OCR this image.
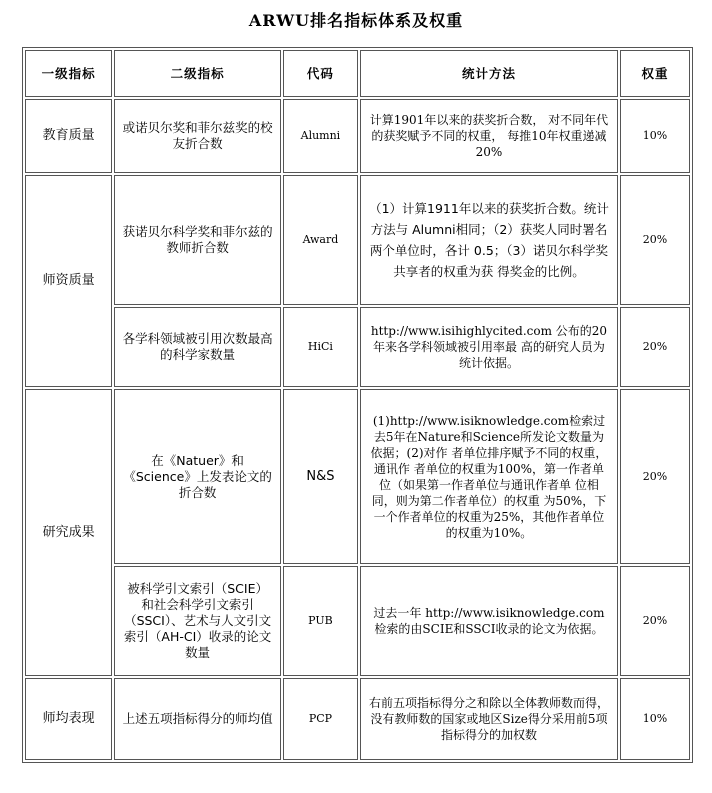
ARWU排名指标体系及权重
一级指标	二级指标	代码	统计方法	权重
教育质量	或诺贝尔奖和菲尔兹奖的校友折合数	Alumni	计算1901年以来的获奖折合数， 对不同年代的获奖赋予不同的权重， 每推10年权重递减20%	10%
师资质量	获诺贝尔科学奖和菲尔兹的教师折合数	Award	（1）计算1911年以来的获奖折合数。统计方法与 Alumni相同；（2）获奖人同时署名两个单位时，各计 0.5；（3）诺贝尔科学奖共享者的权重为获 得奖金的比例。	20%
	各学科领域被引用次数最高的科学家数量	HiCi	http://www.isihighlycited.com 公布的20年来各学科领域被引用率最 高的研究人员为统计依据。	20%
研究成果	在《Natuer》和《Science》上发表论文的折合数	N&S	(1)http://www.isiknowledge.com检索过去5年在Nature和Science所发论文数量为依据；(2)对作 者单位排序赋予不同的权重，通讯作 者单位的权重为100%，第一作者单 位（如果第一作者单位与通讯作者单 位相同，则为第二作者单位）的权重 为50%，下一个作者单位的权重为25%，其他作者单位的权重为10%。	20%
	被科学引文索引（SCIE）和社会科学引文索引（SSCI）、艺术与人文引文索引（AH-CI）收录的论文数量	PUB	过去一年 http://www.isiknowledge.com检索的由SCIE和SSCI收录的论文为依据。	20%
师均表现	上述五项指标得分的师均值	PCP	右前五项指标得分之和除以全体教师数而得，没有教师数的国家或地区Size得分采用前5项指标得分的加权数	10%
